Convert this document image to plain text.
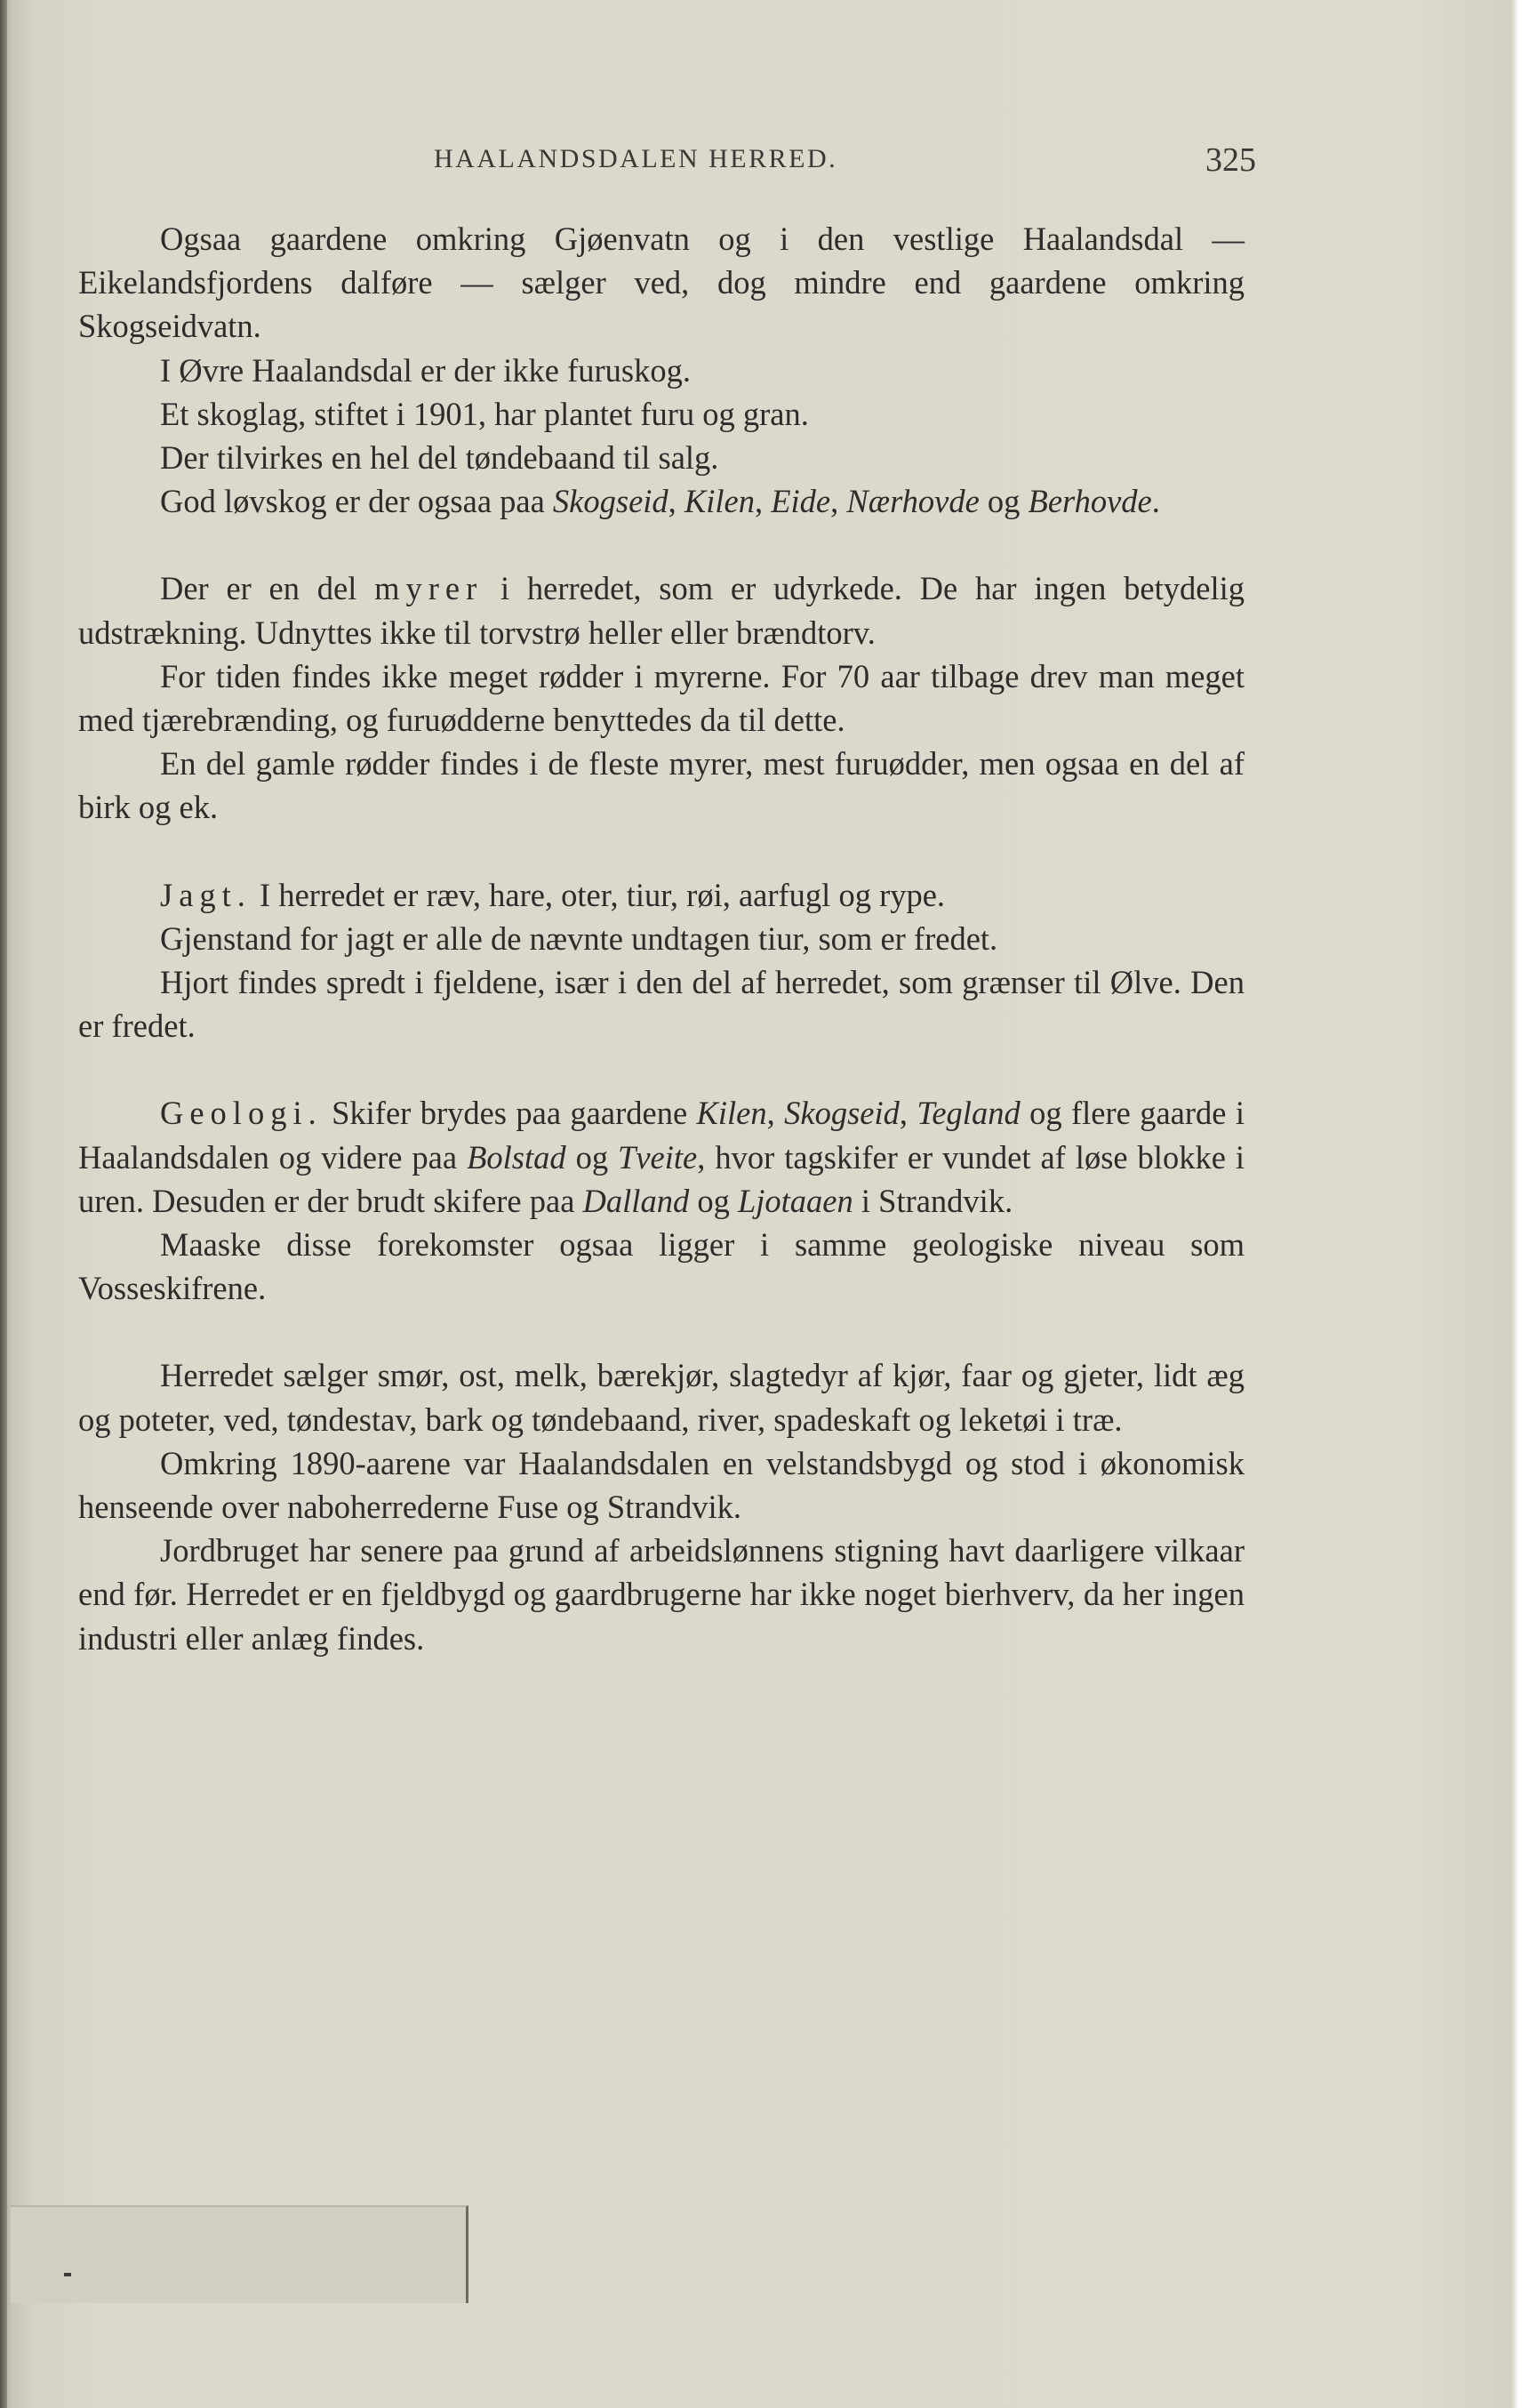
HAALANDSDALEN HERRED.	325

Ogsaa gaardene omkring Gjøenvatn og i den vestlige Haalandsdal — Eikelandsfjordens dalføre — sælger ved, dog mindre end gaardene omkring Skogseidvatn.

I Øvre Haalandsdal er der ikke furuskog.

Et skoglag, stiftet i 1901, har plantet furu og gran.

Der tilvirkes en hel del tøndebaand til salg.

God løvskog er der ogsaa paa Skogseid, Kilen, Eide, Nærhovde og Berhovde.

Der er en del myrer i herredet, som er udyrkede. De har ingen betydelig udstrækning. Udnyttes ikke til torvstrø heller eller brændtorv.

For tiden findes ikke meget rødder i myrerne. For 70 aar tilbage drev man meget med tjærebrænding, og furuødderne benyttedes da til dette.

En del gamle rødder findes i de fleste myrer, mest furuødder, men ogsaa en del af birk og ek.

Jagt. I herredet er ræv, hare, oter, tiur, røi, aarfugl og rype.

Gjenstand for jagt er alle de nævnte undtagen tiur, som er fredet.

Hjort findes spredt i fjeldene, især i den del af herredet, som grænser til Ølve. Den er fredet.

Geologi. Skifer brydes paa gaardene Kilen, Skogseid, Tegland og flere gaarde i Haalandsdalen og videre paa Bolstad og Tveite, hvor tagskifer er vundet af løse blokke i uren. Desuden er der brudt skifere paa Dalland og Ljotaaen i Strandvik.

Maaske disse forekomster ogsaa ligger i samme geologiske niveau som Vosseskifrene.

Herredet sælger smør, ost, melk, bærekjør, slagtedyr af kjør, faar og gjeter, lidt æg og poteter, ved, tøndestav, bark og tøndebaand, river, spadeskaft og leketøi i træ.

Omkring 1890-aarene var Haalandsdalen en velstandsbygd og stod i økonomisk henseende over naboherrederne Fuse og Strandvik.

Jordbruget har senere paa grund af arbeidslønnens stigning havt daarligere vilkaar end før. Herredet er en fjeldbygd og gaardbrugerne har ikke noget bierhverv, da her ingen industri eller anlæg findes.
